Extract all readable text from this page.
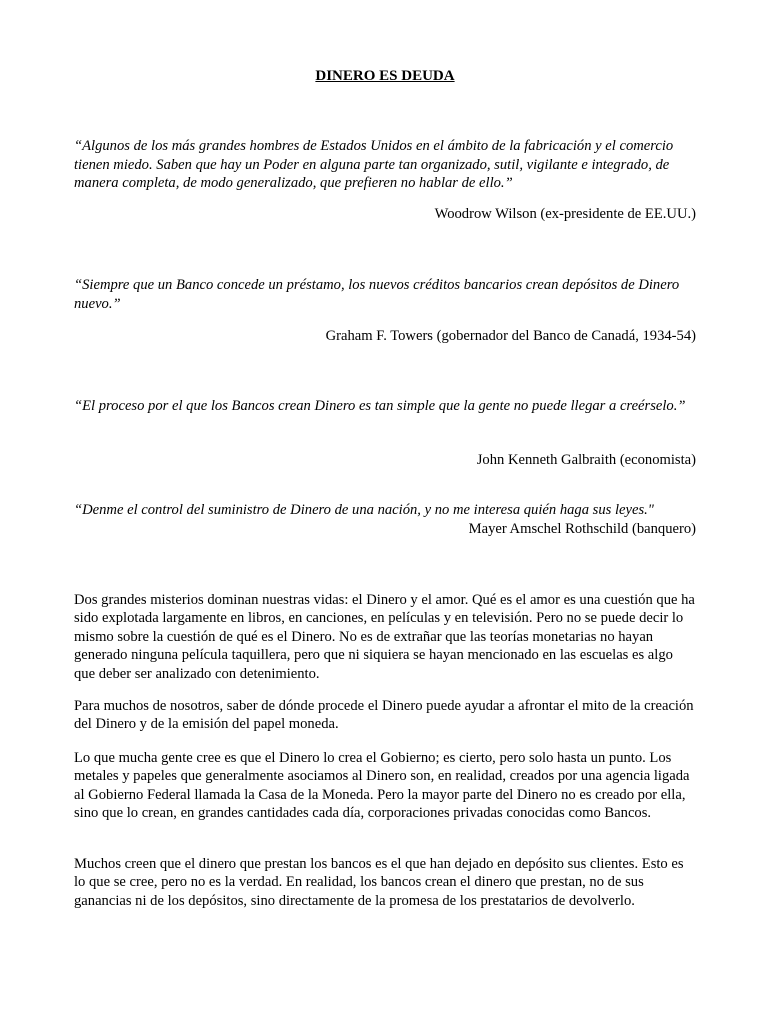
DINERO ES DEUDA

“Algunos de los más grandes hombres de Estados Unidos en el ámbito de la fabricación y el comercio tienen miedo. Saben que hay un Poder en alguna parte tan organizado, sutil, vigilante e integrado, de manera completa, de modo generalizado, que prefieren no hablar de ello.”

Woodrow Wilson (ex-presidente de EE.UU.)

“Siempre que un Banco concede un préstamo, los nuevos créditos bancarios crean depósitos de Dinero nuevo.”

Graham F. Towers (gobernador del Banco de Canadá, 1934-54)

“El proceso por el que los Bancos crean Dinero es tan simple que la gente no puede llegar a creérselo.”

John Kenneth Galbraith (economista)

“Denme el control del suministro de Dinero de una nación, y no me interesa quién haga sus leyes."

Mayer Amschel Rothschild (banquero)

Dos grandes misterios dominan nuestras vidas: el Dinero y el amor. Qué es el amor es una cuestión que ha sido explotada largamente en libros, en canciones, en películas y en televisión. Pero no se puede decir lo mismo sobre la cuestión de qué es el Dinero. No es de extrañar que las teorías monetarias no hayan generado ninguna película taquillera, pero que ni siquiera se hayan mencionado en las escuelas es algo que deber ser analizado con detenimiento.

Para muchos de nosotros, saber de dónde procede el Dinero puede ayudar a afrontar el mito de la creación del Dinero y de la emisión del papel moneda.

Lo que mucha gente cree es que el Dinero lo crea el Gobierno; es cierto, pero solo hasta un punto. Los metales y papeles que generalmente asociamos al Dinero son, en realidad, creados por una agencia ligada al Gobierno Federal llamada la Casa de la Moneda. Pero la mayor parte del Dinero no es creado por ella, sino que lo crean, en grandes cantidades cada día, corporaciones privadas conocidas como Bancos.

Muchos creen que el dinero que prestan los bancos es el que han dejado en depósito sus clientes. Esto es lo que se cree, pero no es la verdad. En realidad, los bancos crean el dinero que prestan, no de sus ganancias ni de los depósitos, sino directamente de la promesa de los prestatarios de devolverlo.
